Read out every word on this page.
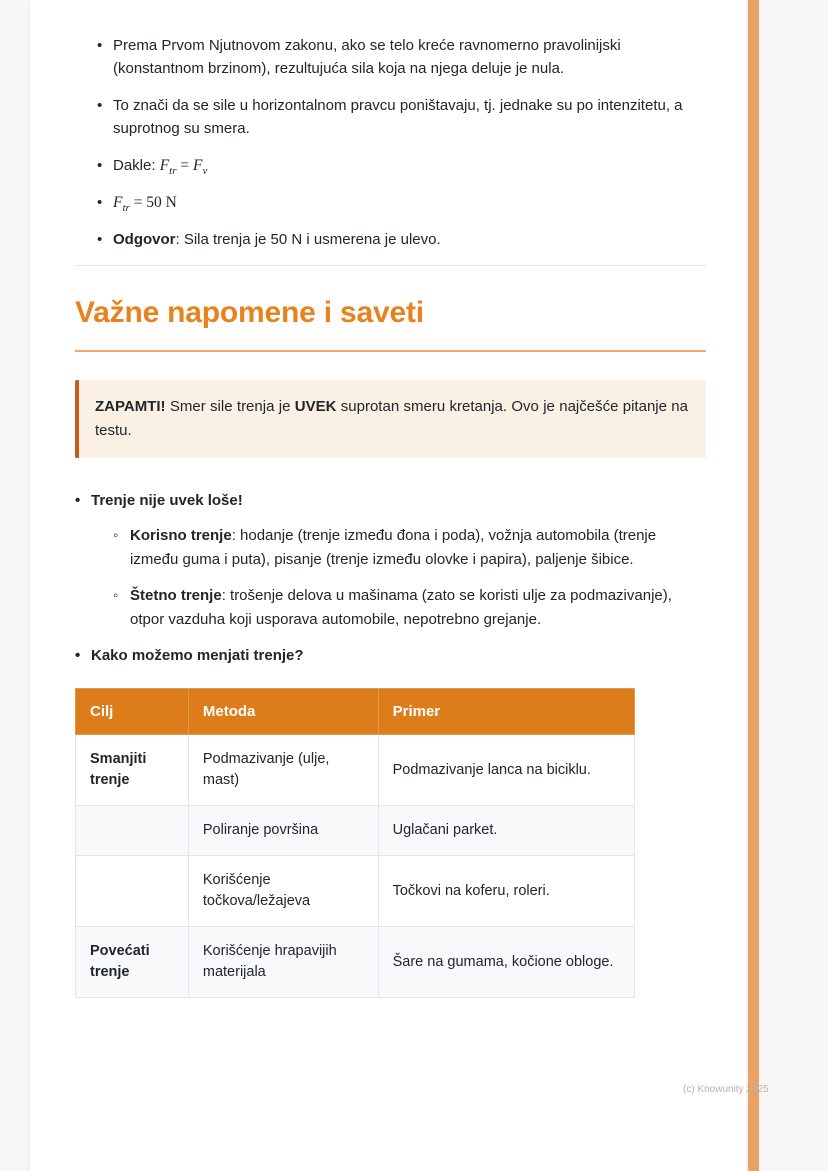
• Prema Prvom Njutnovom zakonu, ako se telo kreće ravnomerno pravolinijski (konstantnom brzinom), rezultujuća sila koja na njega deluje je nula.
• To znači da se sile u horizontalnom pravcu poništavaju, tj. jednake su po intenzitetu, a suprotnog su smera.
• Dakle: $F_{tr} = F_v$
• $F_{tr} = 50$ N
• Odgovor: Sila trenja je 50 N i usmerena je ulevo.
Važne napomene i saveti
ZAPAMTI! Smer sile trenja je UVEK suprotan smeru kretanja. Ovo je najčešće pitanje na testu.
• Trenje nije uvek loše!
◦ Korisno trenje: hodanje (trenje između đona i poda), vožnja automobila (trenje između guma i puta), pisanje (trenje između olovke i papira), paljenje šibice.
◦ Štetno trenje: trošenje delova u mašinama (zato se koristi ulje za podmazivanje), otpor vazduha koji usporava automobile, nepotrebno grejanje.
• Kako možemo menjati trenje?
Cilj	Metoda	Primer
Smanjiti trenje	Podmazivanje (ulje, mast)	Podmazivanje lanca na biciklu.
	Poliranje površina	Uglačani parket.
	Korišćenje točkova/ležajeva	Točkovi na koferu, roleri.
Povećati trenje	Korišćenje hrapavijih materijala	Šare na gumama, kočione obloge.
(c) Knowunity 2025
